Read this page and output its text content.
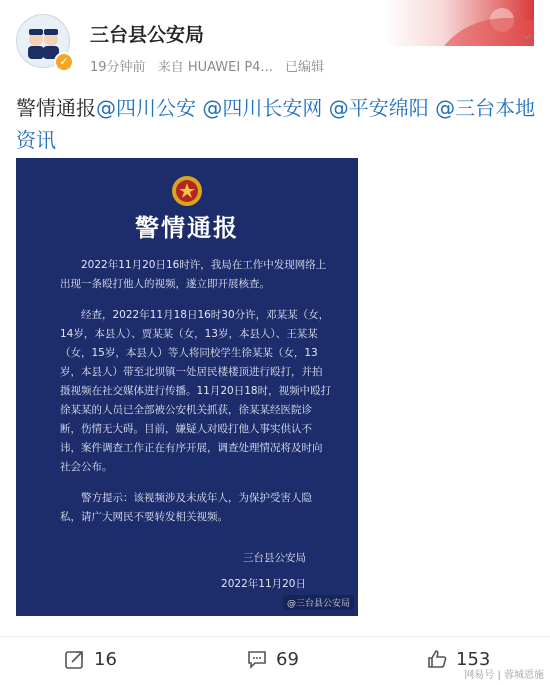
✓
三台县公安局
19分钟前 来自 HUAWEI P4... 已编辑
⌄
警情通报@四川公安 @四川长安网 @平安绵阳 @三台本地资讯
警情通报

2022年11月20日16时许，我局在工作中发现网络上出现一条殴打他人的视频，遂立即开展核查。

经查，2022年11月18日16时30分许，邓某某（女，14岁，本县人）、贾某某（女，13岁，本县人）、王某某（女，15岁，本县人）等人将同校学生徐某某（女，13岁，本县人）带至北坝镇一处居民楼楼顶进行殴打，并拍摄视频在社交媒体进行传播。11月20日18时，视频中殴打徐某某的人员已全部被公安机关抓获，徐某某经医院诊断，伤情无大碍。目前，嫌疑人对殴打他人事实供认不讳，案件调查工作正在有序开展，调查处理情况将及时向社会公布。

警方提示：该视频涉及未成年人，为保护受害人隐私，请广大网民不要转发相关视频。

三台县公安局
2022年11月20日
@三台县公安局
16	69	153
网易号 | 蓉城恩施
